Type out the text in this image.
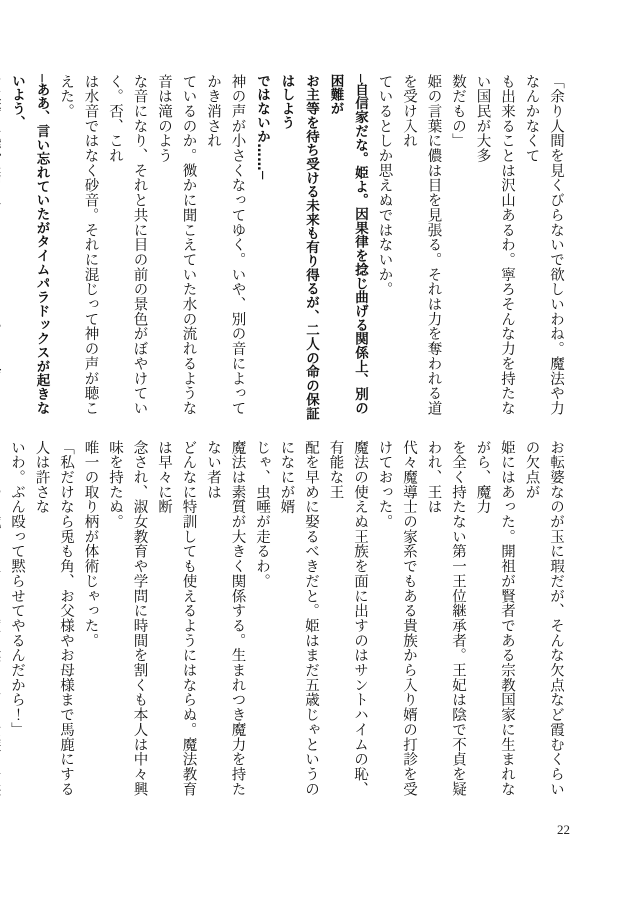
「余り人間を見くびらないで欲しいわね。魔法や力なんかなくて

も出来ることは沢山あるわ。寧ろそんな力を持たない国民が大多

数だもの」

姫の言葉に儂は目を見張る。それは力を奪われる道を受け入れ

ているとしか思えぬではないか。

─自信家だな。姫よ。因果律を捻じ曲げる関係上、別の困難が

お主等を待ち受ける未来も有り得るが、二人の命の保証はしよう

ではないか……─

神の声が小さくなってゆく。いや、別の音によってかき消され

ているのか。微かに聞こえていた水の流れるような音は滝のよう

な音になり、それと共に目の前の景色がぼやけていく。否、これ

は水音ではなく砂音。それに混じって神の声が聴こえた。

─ああ、言い忘れていたがタイムパラドックスが起きないよう、

お転婆なのが玉に瑕だが、そんな欠点など霞むくらいの欠点が

姫にはあった。開祖が賢者である宗教国家に生まれながら、魔力

を全く持たない第一王位継承者。王妃は陰で不貞を疑われ、王は

代々魔導士の家系でもある貴族から入り婿の打診を受けておった。

魔法の使えぬ王族を面に出すのはサントハイムの恥、有能な王

配を早めに娶るべきだと。姫はまだ五歳じゃというのになにが婿

じゃ、虫唾が走るわ。

魔法は素質が大きく関係する。生まれつき魔力を持たない者は

どんなに特訓しても使えるようにはならぬ。魔法教育は早々に断

念され、淑女教育や学問に時間を割くも本人は中々興味を持たぬ。

唯一の取り柄が体術じゃった。

「私だけなら兎も角、お父様やお母様まで馬鹿にする人は許さな

いわ。ぶん殴って黙らせてやるんだから！」

22
